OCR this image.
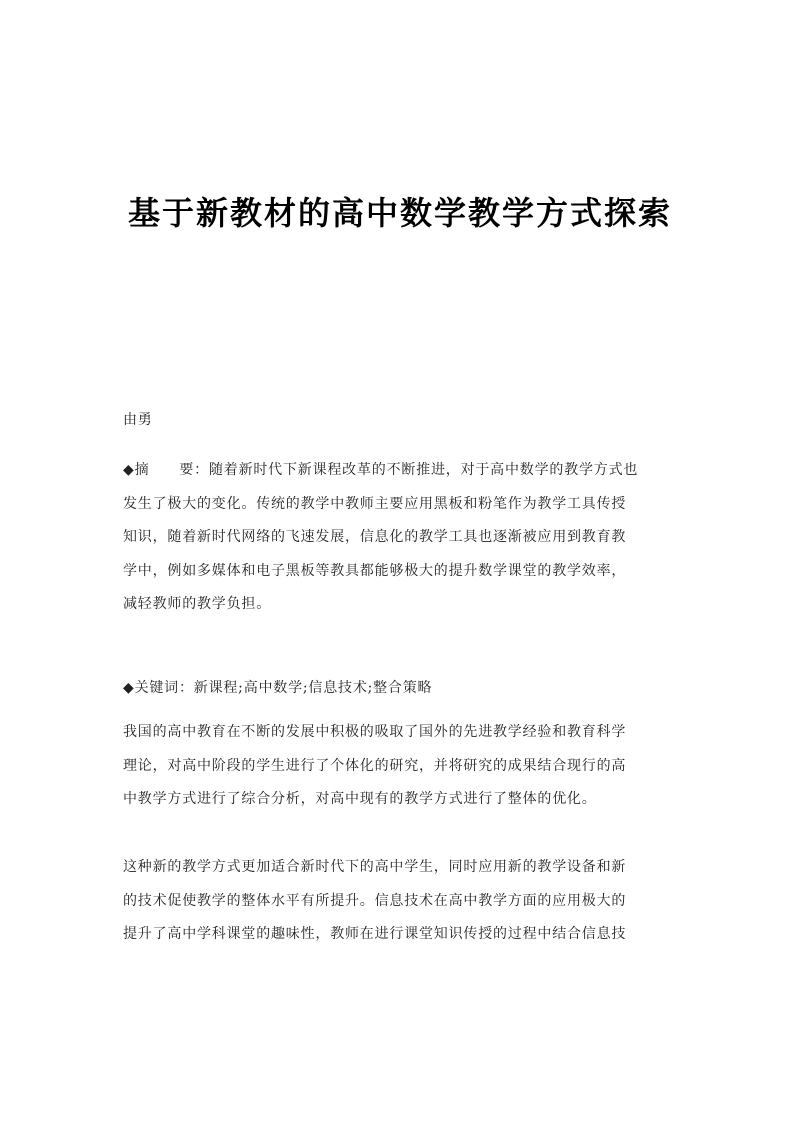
基于新教材的高中数学教学方式探索
由勇
◆摘 要：随着新时代下新课程改革的不断推进，对于高中数学的教学方式也
发生了极大的变化。传统的教学中教师主要应用黑板和粉笔作为教学工具传授
知识，随着新时代网络的飞速发展，信息化的教学工具也逐渐被应用到教育教
学中，例如多媒体和电子黑板等教具都能够极大的提升数学课堂的教学效率，
减轻教师的教学负担。
◆关键词：新课程;高中数学;信息技术;整合策略
我国的高中教育在不断的发展中积极的吸取了国外的先进教学经验和教育科学
理论，对高中阶段的学生进行了个体化的研究，并将研究的成果结合现行的高
中教学方式进行了综合分析，对高中现有的教学方式进行了整体的优化。
这种新的教学方式更加适合新时代下的高中学生，同时应用新的教学设备和新
的技术促使教学的整体水平有所提升。信息技术在高中教学方面的应用极大的
提升了高中学科课堂的趣味性，教师在进行课堂知识传授的过程中结合信息技
